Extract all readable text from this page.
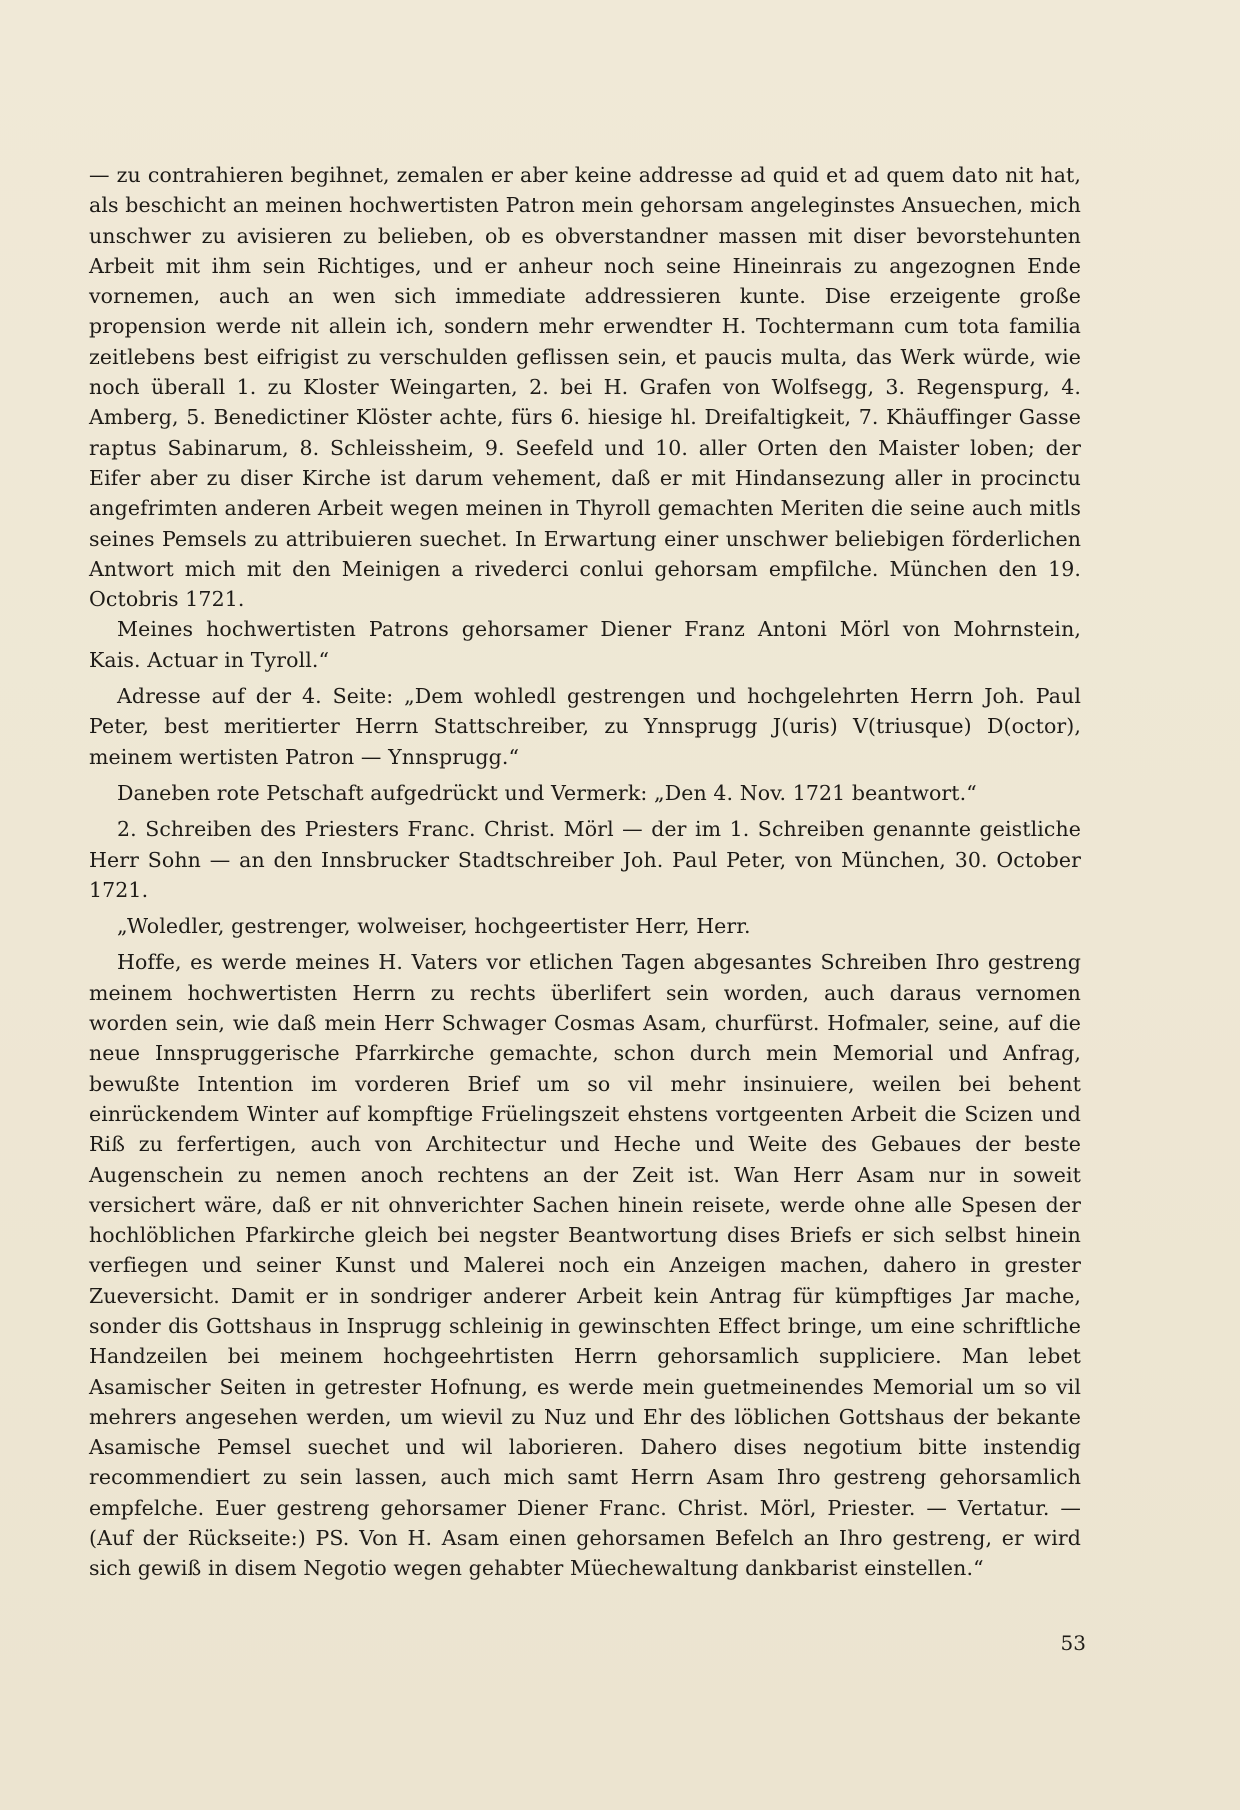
— zu contrahieren begihnet, zemalen er aber keine addresse ad quid et ad quem dato nit hat, als beschicht an meinen hochwertisten Patron mein gehorsam angeleginstes Ansuechen, mich unschwer zu avisieren zu belieben, ob es obverstandner massen mit diser bevorstehunten Arbeit mit ihm sein Richtiges, und er anheur noch seine Hineinrais zu angezognen Ende vornemen, auch an wen sich immediate addressieren kunte. Dise erzeigente große propension werde nit allein ich, sondern mehr erwendter H. Tochtermann cum tota familia zeitlebens best eifrigist zu verschulden geflissen sein, et paucis multa, das Werk würde, wie noch überall 1. zu Kloster Weingarten, 2. bei H. Grafen von Wolfsegg, 3. Regenspurg, 4. Amberg, 5. Benedictiner Klöster achte, fürs 6. hiesige hl. Dreifaltigkeit, 7. Khäuffinger Gasse raptus Sabinarum, 8. Schleissheim, 9. Seefeld und 10. aller Orten den Maister loben; der Eifer aber zu diser Kirche ist darum vehement, daß er mit Hindansezung aller in procinctu angefrimten anderen Arbeit wegen meinen in Thyroll gemachten Meriten die seine auch mitls seines Pemsels zu attribuieren suechet. In Erwartung einer unschwer beliebigen förderlichen Antwort mich mit den Meinigen a rivederci conlui gehorsam empfilche. München den 19. Octobris 1721.

Meines hochwertisten Patrons gehorsamer Diener Franz Antoni Mörl von Mohrnstein, Kais. Actuar in Tyroll.“

Adresse auf der 4. Seite: „Dem wohledl gestrengen und hochgelehrten Herrn Joh. Paul Peter, best meritierter Herrn Stattschreiber, zu Ynnsprugg J(uris) V(triusque) D(octor), meinem wertisten Patron — Ynnsprugg.“

Daneben rote Petschaft aufgedrückt und Vermerk: „Den 4. Nov. 1721 beantwort.“

2. Schreiben des Priesters Franc. Christ. Mörl — der im 1. Schreiben genannte geistliche Herr Sohn — an den Innsbrucker Stadtschreiber Joh. Paul Peter, von München, 30. October 1721.

„Woledler, gestrenger, wolweiser, hochgeertister Herr, Herr.

Hoffe, es werde meines H. Vaters vor etlichen Tagen abgesantes Schreiben Ihro gestreng meinem hochwertisten Herrn zu rechts überlifert sein worden, auch daraus vernomen worden sein, wie daß mein Herr Schwager Cosmas Asam, churfürst. Hofmaler, seine, auf die neue Innspruggerische Pfarrkirche gemachte, schon durch mein Memorial und Anfrag, bewußte Intention im vorderen Brief um so vil mehr insinuiere, weilen bei behent einrückendem Winter auf kompftige Früelingszeit ehstens vortgeenten Arbeit die Scizen und Riß zu ferfertigen, auch von Architectur und Heche und Weite des Gebaues der beste Augenschein zu nemen anoch rechtens an der Zeit ist. Wan Herr Asam nur in soweit versichert wäre, daß er nit ohnverichter Sachen hinein reisete, werde ohne alle Spesen der hochlöblichen Pfarkirche gleich bei negster Beantwortung dises Briefs er sich selbst hinein verfiegen und seiner Kunst und Malerei noch ein Anzeigen machen, dahero in grester Zueversicht. Damit er in sondriger anderer Arbeit kein Antrag für kümpftiges Jar mache, sonder dis Gottshaus in Insprugg schleinig in gewinschten Effect bringe, um eine schriftliche Handzeilen bei meinem hochgeehrtisten Herrn gehorsamlich suppliciere. Man lebet Asamischer Seiten in getrester Hofnung, es werde mein guetmeinendes Memorial um so vil mehrers angesehen werden, um wievil zu Nuz und Ehr des löblichen Gottshaus der bekante Asamische Pemsel suechet und wil laborieren. Dahero dises negotium bitte instendig recommendiert zu sein lassen, auch mich samt Herrn Asam Ihro gestreng gehorsamlich empfelche. Euer gestreng gehorsamer Diener Franc. Christ. Mörl, Priester. — Vertatur. — (Auf der Rückseite:) PS. Von H. Asam einen gehorsamen Befelch an Ihro gestreng, er wird sich gewiß in disem Negotio wegen gehabter Müechewaltung dankbarist einstellen.“

53
